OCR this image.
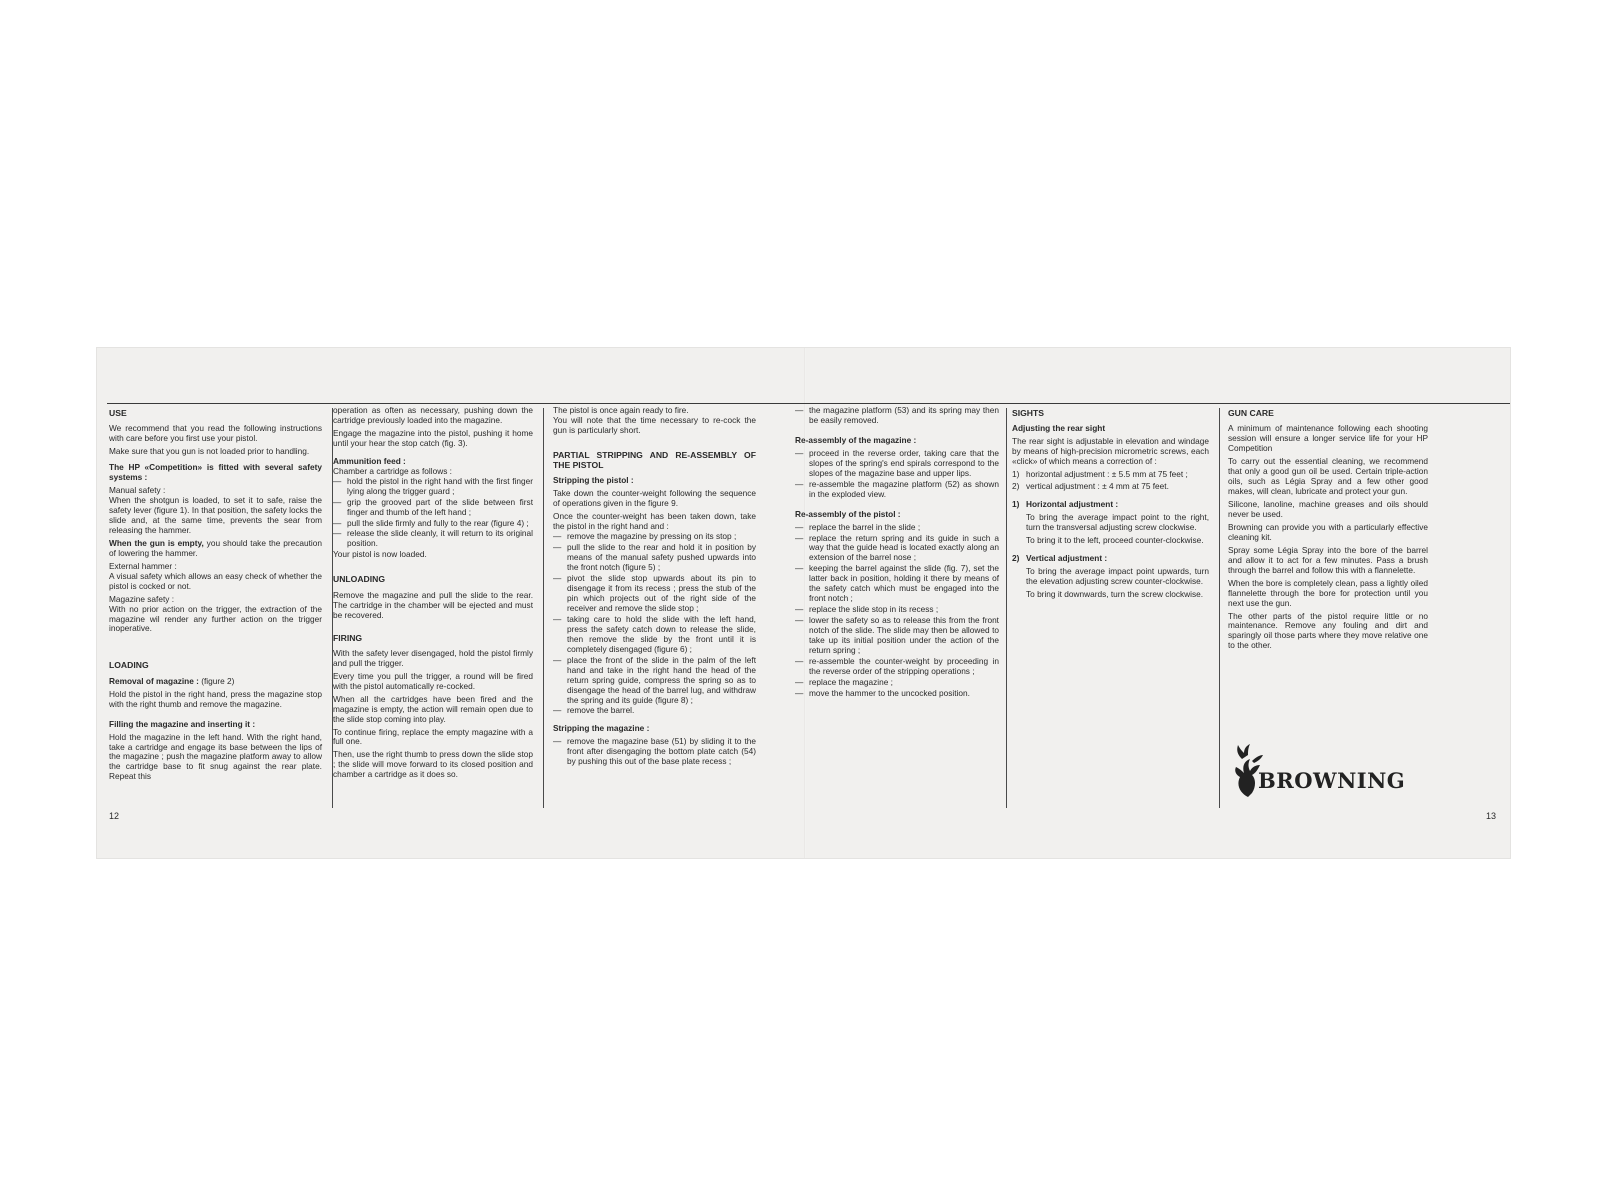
USE

We recommend that you read the following instructions with care before you first use your pistol.

Make sure that you gun is not loaded prior to handling.

The HP «Competition» is fitted with several safety systems :

Manual safety :

When the shotgun is loaded, to set it to safe, raise the safety lever (figure 1). In that position, the safety locks the slide and, at the same time, prevents the sear from releasing the hammer.

When the gun is empty, you should take the precaution of lowering the hammer.

External hammer :

A visual safety which allows an easy check of whether the pistol is cocked or not.

Magazine safety :

With no prior action on the trigger, the extraction of the magazine wil render any further action on the trigger inoperative.

LOADING
Removal of magazine : (figure 2)

Hold the pistol in the right hand, press the magazine stop with the right thumb and remove the magazine.

Filling the magazine and inserting it :

Hold the magazine in the left hand. With the right hand, take a cartridge and engage its base between the lips of the magazine ; push the magazine platform away to allow the cartridge base to fit snug against the rear plate. Repeat this

operation as often as necessary, pushing down the cartridge previously loaded into the magazine.

Engage the magazine into the pistol, pushing it home until your hear the stop catch (fig. 3).

Ammunition feed :

Chamber a cartridge as follows :

— hold the pistol in the right hand with the first finger lying along the trigger guard ;
— grip the grooved part of the slide between first finger and thumb of the left hand ;
— pull the slide firmly and fully to the rear (figure 4) ;
— release the slide cleanly, it will return to its original position.

Your pistol is now loaded.

UNLOADING

Remove the magazine and pull the slide to the rear. The cartridge in the chamber will be ejected and must be recovered.

FIRING

With the safety lever disengaged, hold the pistol firmly and pull the trigger.

Every time you pull the trigger, a round will be fired with the pistol automatically re-cocked.

When all the cartridges have been fired and the magazine is empty, the action will remain open due to the slide stop coming into play.

To continue firing, replace the empty magazine with a full one.

Then, use the right thumb to press down the slide stop ; the slide will move forward to its closed position and chamber a cartridge as it does so.

The pistol is once again ready to fire.

You will note that the time necessary to re-cock the gun is particularly short.

PARTIAL STRIPPING AND RE-ASSEMBLY OF THE PISTOL
Stripping the pistol :

Take down the counter-weight following the sequence of operations given in the figure 9.

Once the counter-weight has been taken down, take the pistol in the right hand and :

— remove the magazine by pressing on its stop ;
— pull the slide to the rear and hold it in position by means of the manual safety pushed upwards into the front notch (figure 5) ;
— pivot the slide stop upwards about its pin to disengage it from its recess ; press the stub of the pin which projects out of the right side of the receiver and remove the slide stop ;
— taking care to hold the slide with the left hand, press the safety catch down to release the slide, then remove the slide by the front until it is completely disengaged (figure 6) ;
— place the front of the slide in the palm of the left hand and take in the right hand the head of the return spring guide, compress the spring so as to disengage the head of the barrel lug, and withdraw the spring and its guide (figure 8) ;
— remove the barrel.
Stripping the magazine :
— remove the magazine base (51) by sliding it to the front after disengaging the bottom plate catch (54) by pushing this out of the base plate recess ;
— the magazine platform (53) and its spring may then be easily removed.
Re-assembly of the magazine :
— proceed in the reverse order, taking care that the slopes of the spring's end spirals correspond to the slopes of the magazine base and upper lips.
— re-assemble the magazine platform (52) as shown in the exploded view.
Re-assembly of the pistol :
— replace the barrel in the slide ;
— replace the return spring and its guide in such a way that the guide head is located exactly along an extension of the barrel nose ;
— keeping the barrel against the slide (fig. 7), set the latter back in position, holding it there by means of the safety catch which must be engaged into the front notch ;
— replace the slide stop in its recess ;
— lower the safety so as to release this from the front notch of the slide. The slide may then be allowed to take up its initial position under the action of the return spring ;
— re-assemble the counter-weight by proceeding in the reverse order of the stripping operations ;
— replace the magazine ;
— move the hammer to the uncocked position.
SIGHTS
Adjusting the rear sight

The rear sight is adjustable in elevation and windage by means of high-precision micrometric screws, each «click» of which means a correction of :

1) horizontal adjustment : ± 5.5 mm at 75 feet ;
2) vertical adjustment : ± 4 mm at 75 feet.
1) Horizontal adjustment :

To bring the average impact point to the right, turn the transversal adjusting screw clockwise.

To bring it to the left, proceed counter-clockwise.

2) Vertical adjustment :

To bring the average impact point upwards, turn the elevation adjusting screw counter-clockwise.

To bring it downwards, turn the screw clockwise.

GUN CARE

A minimum of maintenance following each shooting session will ensure a longer service life for your HP Competition

To carry out the essential cleaning, we recommend that only a good gun oil be used. Certain triple-action oils, such as Légia Spray and a few other good makes, will clean, lubricate and protect your gun.

Silicone, lanoline, machine greases and oils should never be used.

Browning can provide you with a particularly effective cleaning kit.

Spray some Légia Spray into the bore of the barrel and allow it to act for a few minutes. Pass a brush through the barrel and follow this with a flannelette.

When the bore is completely clean, pass a lightly oiled flannelette through the bore for protection until you next use the gun.

The other parts of the pistol require little or no maintenance. Remove any fouling and dirt and sparingly oil those parts where they move relative one to the other.

BROWNING
12	13
